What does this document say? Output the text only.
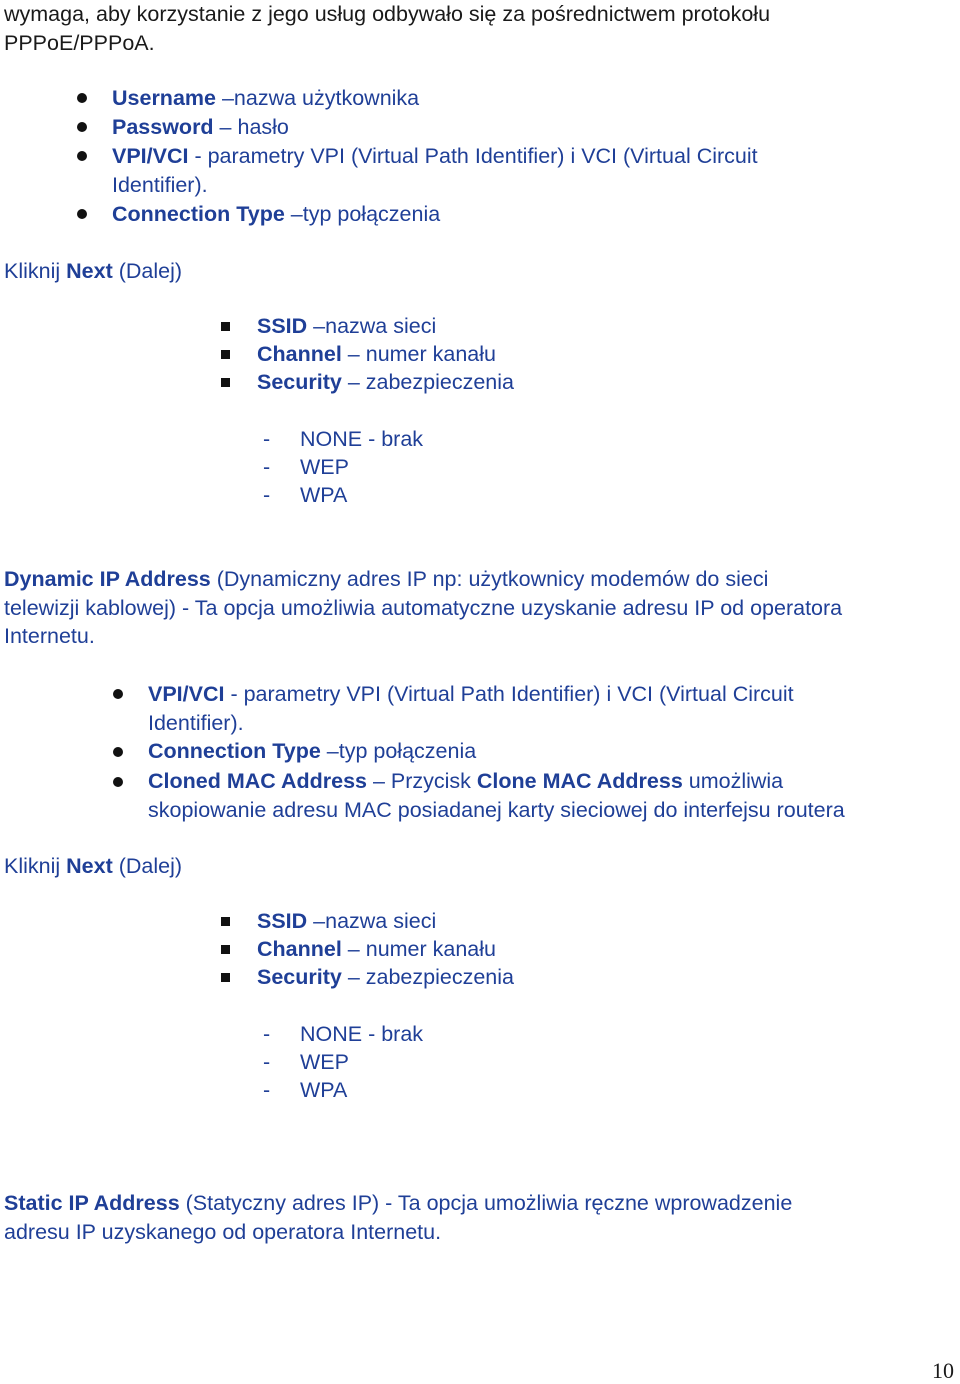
wymaga, aby korzystanie z jego usług odbywało się za pośrednictwem protokołu
PPPoE/PPPoA.
Username –nazwa użytkownika
Password – hasło
VPI/VCI - parametry VPI (Virtual Path Identifier) i VCI (Virtual Circuit
Identifier).
Connection Type –typ połączenia
Kliknij Next (Dalej)
SSID –nazwa sieci
Channel – numer kanału
Security – zabezpieczenia
- NONE - brak
- WEP
- WPA
Dynamic IP Address (Dynamiczny adres IP np: użytkownicy modemów do sieci
telewizji kablowej) - Ta opcja umożliwia automatyczne uzyskanie adresu IP od operatora
Internetu.
VPI/VCI - parametry VPI (Virtual Path Identifier) i VCI (Virtual Circuit
Identifier).
Connection Type –typ połączenia
Cloned MAC Address – Przycisk Clone MAC Address umożliwia
skopiowanie adresu MAC posiadanej karty sieciowej do interfejsu routera
Kliknij Next (Dalej)
SSID –nazwa sieci
Channel – numer kanału
Security – zabezpieczenia
- NONE - brak
- WEP
- WPA
Static IP Address (Statyczny adres IP) - Ta opcja umożliwia ręczne wprowadzenie
adresu IP uzyskanego od operatora Internetu.
10
